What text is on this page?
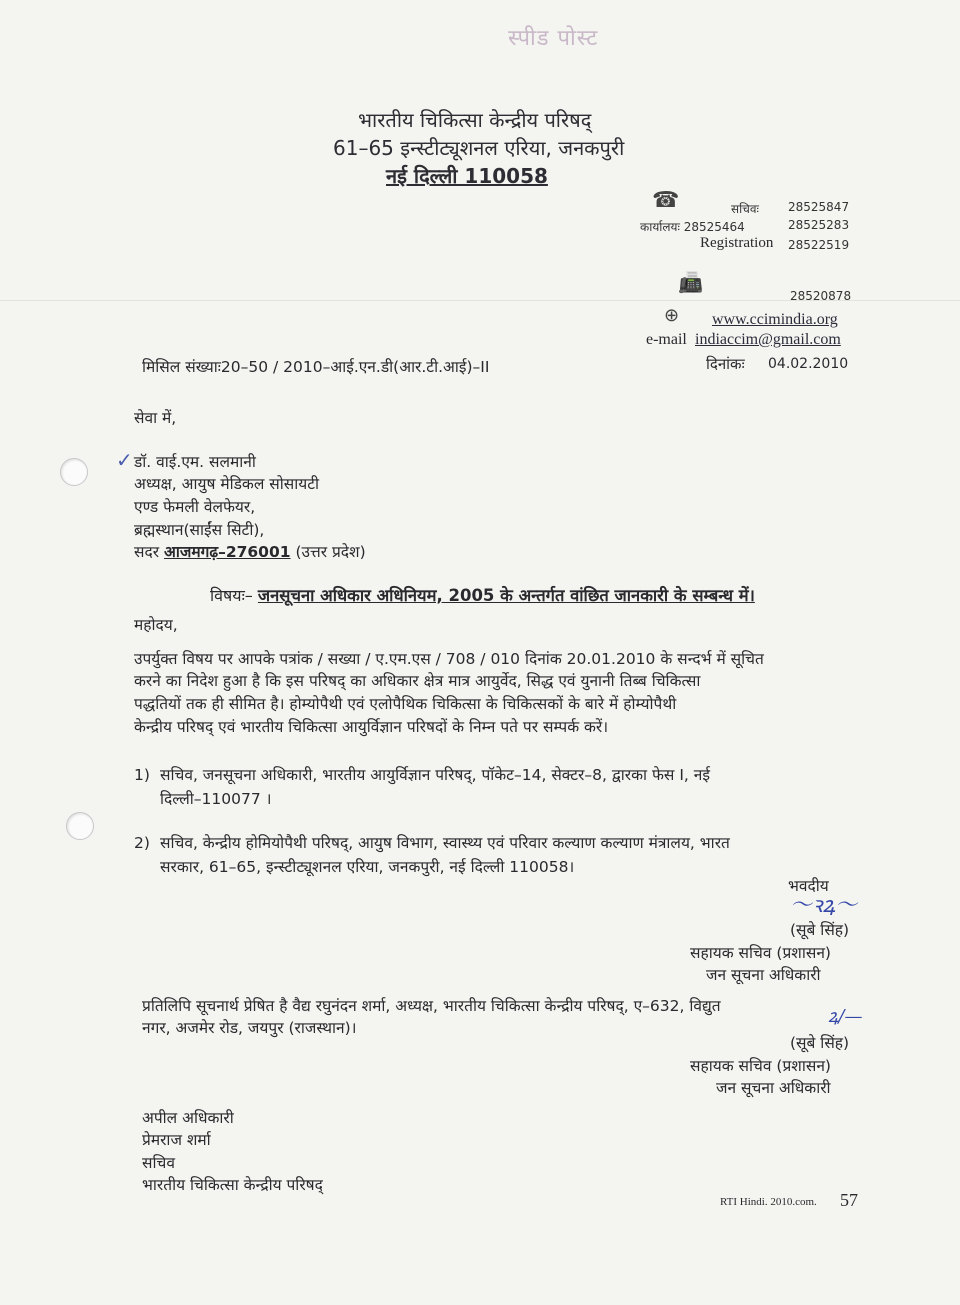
स्पीड पोस्ट
भारतीय चिकित्सा केन्द्रीय परिषद्
61–65 इन्स्टीट्यूशनल एरिया, जनकपुरी
नई दिल्ली 110058
☎	सचिवः 28525847
कार्यालयः 28525464	28525283
Registration 28522519
📠
28520878
⊕ www.ccimindia.org
e-mail indiaccim@gmail.com
दिनांकः 04.02.2010
मिसिल संख्याः20–50 / 2010–आई.एन.डी(आर.टी.आई)–II
सेवा में,
✓ डॉ. वाई.एम. सलमानी
अध्यक्ष, आयुष मेडिकल सोसायटी
एण्ड फेमली वेलफेयर,
ब्रह्मस्थान(साईंस सिटी),
सदर आजमगढ़–276001 (उत्तर प्रदेश)
विषयः– जनसूचना अधिकार अधिनियम, 2005 के अन्तर्गत वांछित जानकारी के सम्बन्ध में।
महोदय,
उपर्युक्त विषय पर आपके पत्रांक / सख्या / ए.एम.एस / 708 / 010 दिनांक 20.01.2010 के सन्दर्भ में सूचित
करने का निदेश हुआ है कि इस परिषद् का अधिकार क्षेत्र मात्र आयुर्वेद, सिद्ध एवं युनानी तिब्ब चिकित्सा
पद्धतियों तक ही सीमित है। होम्योपैथी एवं एलोपैथिक चिकित्सा के चिकित्सकों के बारे में होम्योपैथी
केन्द्रीय परिषद् एवं भारतीय चिकित्सा आयुर्विज्ञान परिषदों के निम्न पते पर सम्पर्क करें।
1) सचिव, जनसूचना अधिकारी, भारतीय आयुर्विज्ञान परिषद्, पॉकेट–14, सेक्टर–8, द्वारका फेस I, नई
दिल्ली–110077 ।
2) सचिव, केन्द्रीय होमियोपैथी परिषद्, आयुष विभाग, स्वास्थ्य एवं परिवार कल्याण कल्याण मंत्रालय, भारत
सरकार, 61–65, इन्स्टीट्यूशनल एरिया, जनकपुरी, नई दिल्ली 110058।
भवदीय
〜ꝛꝝ〜
(सूबे सिंह)
सहायक सचिव (प्रशासन)
जन सूचना अधिकारी
प्रतिलिपि सूचनार्थ प्रेषित है वैद्य रघुनंदन शर्मा, अध्यक्ष, भारतीय चिकित्सा केन्द्रीय परिषद्, ए–632, विद्युत
नगर, अजमेर रोड, जयपुर (राजस्थान)।
ꝝ/—
(सूबे सिंह)
सहायक सचिव (प्रशासन)
जन सूचना अधिकारी
अपील अधिकारी
प्रेमराज शर्मा
सचिव
भारतीय चिकित्सा केन्द्रीय परिषद्
RTI Hindi. 2010.com. 57
